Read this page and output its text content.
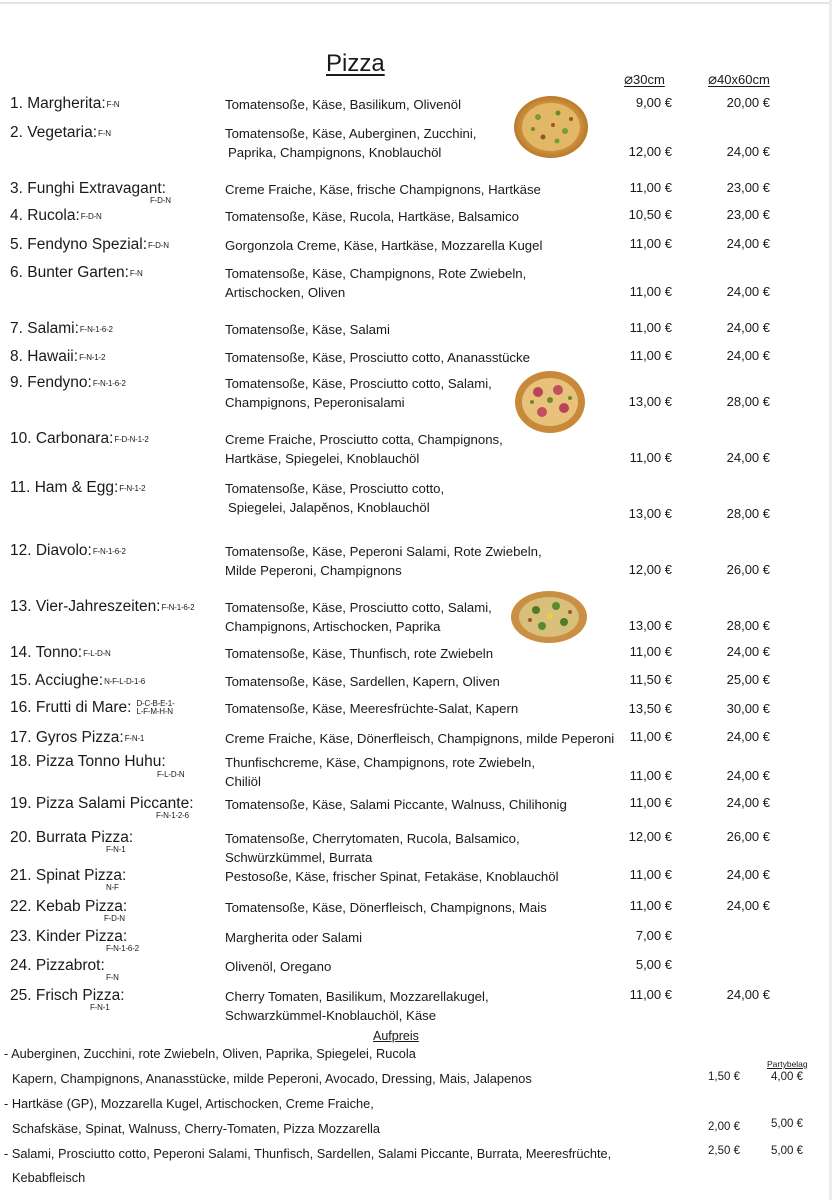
Pizza
⌀30cm	⌀40x60cm
1. Margherita:F-N	Tomatensoße, Käse, Basilikum, Olivenöl	9,00 €	20,00 €
2. Vegetaria:F-N	Tomatensoße, Käse, Auberginen, Zucchini,
Paprika, Champignons, Knoblauchöl	12,00 €	24,00 €
F-D-N
3. Funghi Extravagant:	Creme Fraiche, Käse, frische Champignons, Hartkäse	11,00 €	23,00 €
4. Rucola:F-D-N	Tomatensoße, Käse, Rucola, Hartkäse, Balsamico	10,50 €	23,00 €
5. Fendyno Spezial:F-D-N	Gorgonzola Creme, Käse, Hartkäse, Mozzarella Kugel	11,00 €	24,00 €
6. Bunter Garten:F-N	Tomatensoße, Käse, Champignons, Rote Zwiebeln,
Artischocken, Oliven	11,00 €	24,00 €
7. Salami:F-N-1-6-2	Tomatensoße, Käse, Salami	11,00 €	24,00 €
8. Hawaii:F-N-1-2	Tomatensoße, Käse, Prosciutto cotto, Ananasstücke	11,00 €	24,00 €
9. Fendyno:F-N-1-6-2	Tomatensoße, Käse, Prosciutto cotto, Salami,
Champignons, Peperonisalami	13,00 €	28,00 €
10. Carbonara:F-D-N-1-2	Creme Fraiche, Prosciutto cotta, Champignons,
Hartkäse, Spiegelei, Knoblauchöl	11,00 €	24,00 €
11. Ham & Egg:F-N-1-2	Tomatensoße, Käse, Prosciutto cotto,
Spiegelei, Jalapěnos, Knoblauchöl	13,00 €	28,00 €
12. Diavolo:F-N-1-6-2	Tomatensoße, Käse, Peperoni Salami, Rote Zwiebeln,
Milde Peperoni, Champignons	12,00 €	26,00 €
13. Vier-Jahreszeiten:F-N-1-6-2 Tomatensoße, Käse, Prosciutto cotto, Salami,
Champignons, Artischocken, Paprika	13,00 €	28,00 €
14. Tonno:F-L-D-N	Tomatensoße, Käse, Thunfisch, rote Zwiebeln	11,00 €	24,00 €
15. Acciughe:N-F-L-D-1-6	Tomatensoße, Käse, Sardellen, Kapern, Oliven	11,50 €	25,00 €
16. Frutti di Mare: D-C-B-E-1-
L-F-M-H-N	Tomatensoße, Käse, Meeresfrüchte-Salat, Kapern	13,50 €	30,00 €
17. Gyros Pizza:F-N-1	Creme Fraiche, Käse, Dönerfleisch, Champignons, milde Peperoni 11,00 €	24,00 €
F-L-D-N
18. Pizza Tonno Huhu:	Thunfischcreme, Käse, Champignons, rote Zwiebeln,
Chiliöl	11,00 €	24,00 €
F-N-1-2-6
19. Pizza Salami Piccante: Tomatensoße, Käse, Salami Piccante, Walnuss, Chilihonig	11,00 €	24,00 €
F-N-1
20. Burrata Pizza:	Tomatensoße, Cherrytomaten, Rucola, Balsamico,
Schwürzkümmel, Burrata
12,00 €	26,00 €
N-F
21. Spinat Pizza:	Pestosoße, Käse, frischer Spinat, Fetakäse, Knoblauchöl	11,00 €	24,00 €
F-D-N
22. Kebab Pizza:	Tomatensoße, Käse, Dönerfleisch, Champignons, Mais	11,00 €	24,00 €
F-N-1-6-2
23. Kinder Pizza:	Margherita oder Salami	7,00 €
F-N
24. Pizzabrot:	Olivenöl, Oregano	5,00 €
F-N-1
25. Frisch Pizza:	Cherry Tomaten, Basilikum, Mozzarellakugel,
Schwarzkümmel-Knoblauchöl, Käse
11,00 €	24,00 €
Aufpreis
Partybelag
- Auberginen, Zucchini, rote Zwiebeln, Oliven, Paprika, Spiegelei, Rucola
Kapern, Champignons, Ananasstücke, milde Peperoni, Avocado, Dressing, Mais, Jalapenos	1,50 €	4,00 €
- Hartkäse (GP), Mozzarella Kugel, Artischocken, Creme Fraiche,
Schafskäse, Spinat, Walnuss, Cherry-Tomaten, Pizza Mozzarella	2,00 €	5,00 €
- Salami, Prosciutto cotto, Peperoni Salami, Thunfisch, Sardellen, Salami Piccante, Burrata, Meeresfrüchte,
Kebabfleisch
2,50 €	5,00 €
